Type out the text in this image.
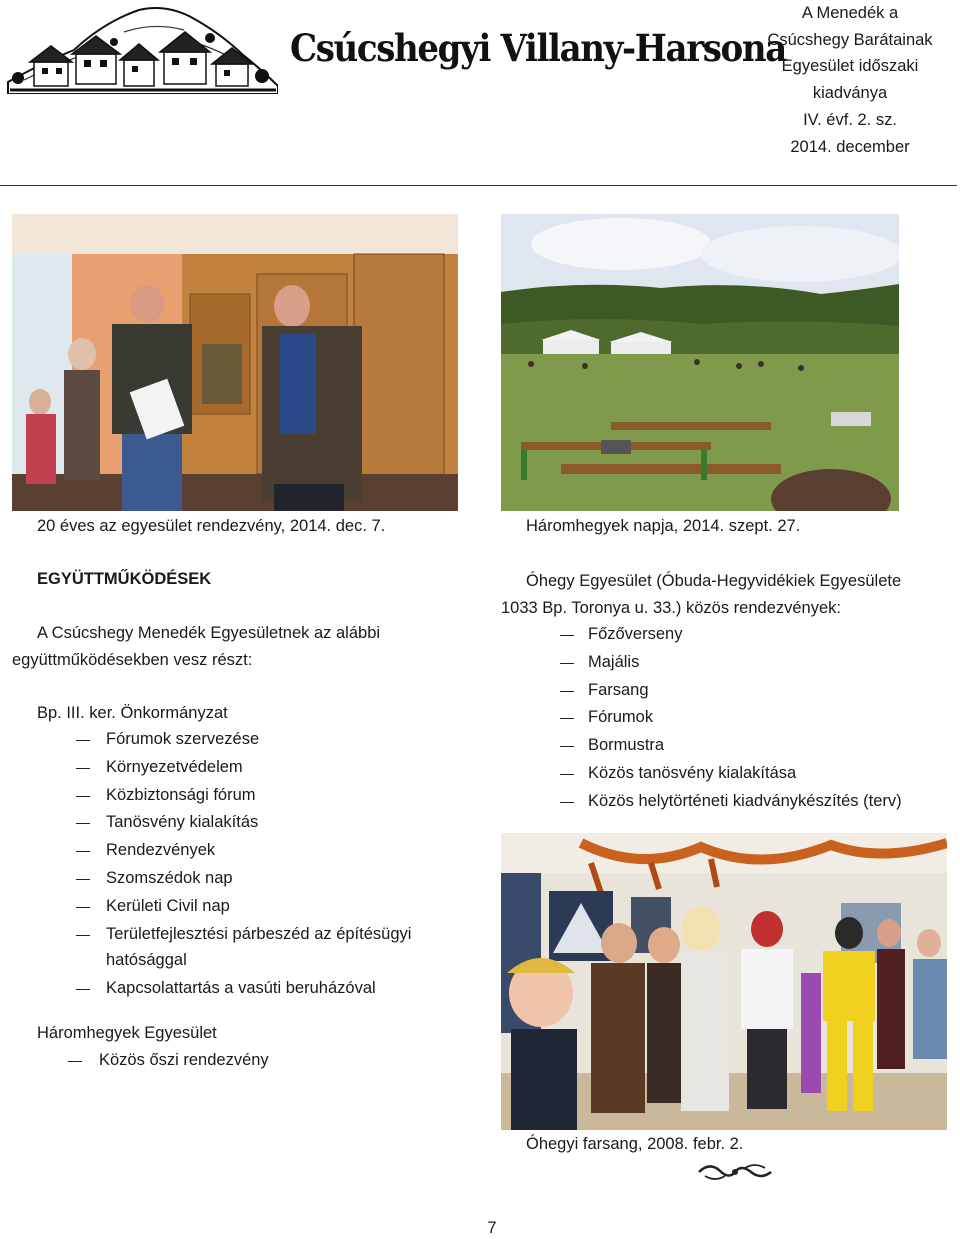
Csúcshegyi Villany-Harsona
A Menedék a
Csúcshegy Barátainak
Egyesület időszaki
kiadványa
IV. évf. 2. sz.
2014. december
20 éves az egyesület rendezvény, 2014. dec. 7.	Háromhegyek napja, 2014. szept. 27.
EGYÜTTMŰKÖDÉSEK
A Csúcshegy Menedék Egyesületnek az alábbi
együttműködésekben vesz részt:
Bp. III. ker. Önkormányzat
Fórumok szervezése
Környezetvédelem
Közbiztonsági fórum
Tanösvény kialakítás
Rendezvények
Szomszédok nap
Kerületi Civil nap
Területfejlesztési párbeszéd az építésügyi hatósággal
Kapcsolattartás a vasúti beruházóval
Háromhegyek Egyesület
Közös őszi rendezvény
Óhegy Egyesület (Óbuda-Hegyvidékiek Egyesülete
1033 Bp. Toronya u. 33.) közös rendezvények:
Főzőverseny
Majális
Farsang
Fórumok
Bormustra
Közös tanösvény kialakítása
Közös helytörténeti kiadványkészítés (terv)
Óhegyi farsang, 2008. febr. 2.
7
